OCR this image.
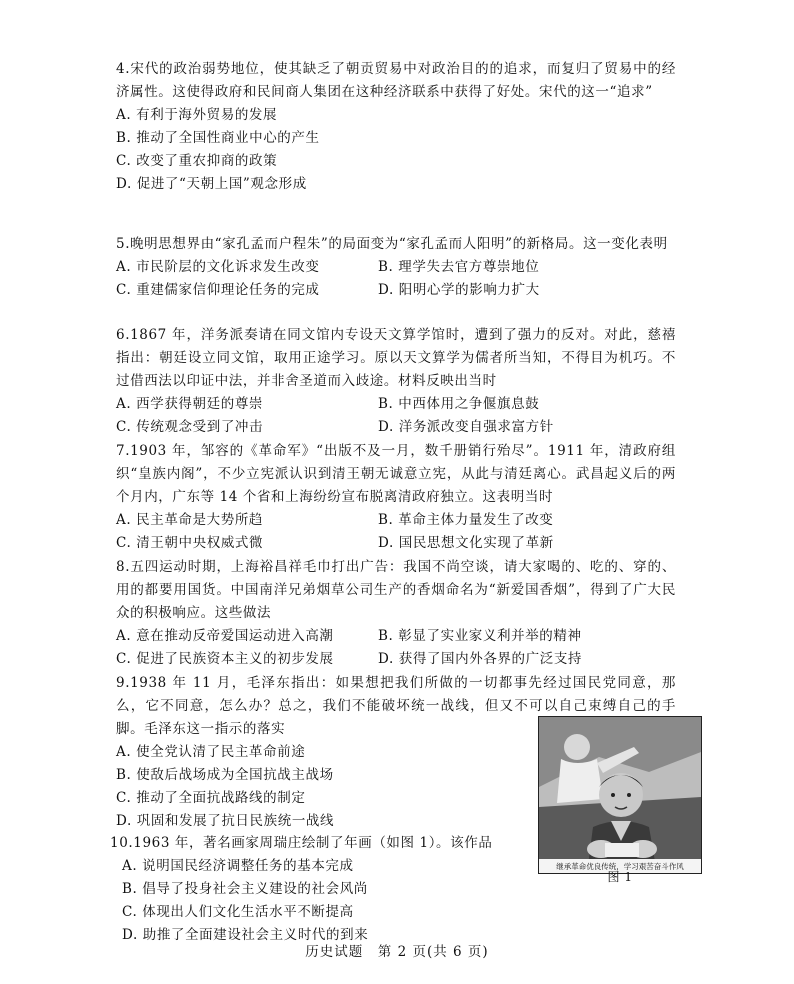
4.宋代的政治弱势地位，使其缺乏了朝贡贸易中对政治目的的追求，而复归了贸易中的经济属性。这使得政府和民间商人集团在这种经济联系中获得了好处。宋代的这一“追求”

A. 有利于海外贸易的发展

B. 推动了全国性商业中心的产生

C. 改变了重农抑商的政策

D. 促进了“天朝上国”观念形成

5.晚明思想界由“家孔孟而户程朱”的局面变为“家孔孟而人阳明”的新格局。这一变化表明

A. 市民阶层的文化诉求发生改变	B. 理学失去官方尊崇地位

C. 重建儒家信仰理论任务的完成	D. 阳明心学的影响力扩大

6.1867 年，洋务派奏请在同文馆内专设天文算学馆时，遭到了强力的反对。对此，慈禧指出：朝廷设立同文馆，取用正途学习。原以天文算学为儒者所当知，不得目为机巧。不过借西法以印证中法，并非舍圣道而入歧途。材料反映出当时

A. 西学获得朝廷的尊崇	B. 中西体用之争偃旗息鼓

C. 传统观念受到了冲击	D. 洋务派改变自强求富方针

7.1903 年，邹容的《革命军》“出版不及一月，数千册销行殆尽”。1911 年，清政府组织“皇族内阁”，不少立宪派认识到清王朝无诚意立宪，从此与清廷离心。武昌起义后的两个月内，广东等 14 个省和上海纷纷宣布脱离清政府独立。这表明当时

A. 民主革命是大势所趋	B. 革命主体力量发生了改变

C. 清王朝中央权威式微	D. 国民思想文化实现了革新

8.五四运动时期，上海裕昌祥毛巾打出广告：我国不尚空谈，请大家喝的、吃的、穿的、用的都要用国货。中国南洋兄弟烟草公司生产的香烟命名为“新爱国香烟”，得到了广大民众的积极响应。这些做法

A. 意在推动反帝爱国运动进入高潮	B. 彰显了实业家义利并举的精神

C. 促进了民族资本主义的初步发展	D. 获得了国内外各界的广泛支持

9.1938 年 11 月，毛泽东指出：如果想把我们所做的一切都事先经过国民党同意，那么，它不同意，怎么办？总之，我们不能破坏统一战线，但又不可以自己束缚自己的手脚。毛泽东这一指示的落实

A. 使全党认清了民主革命前途

B. 使敌后战场成为全国抗战主战场

C. 推动了全面抗战路线的制定

D. 巩固和发展了抗日民族统一战线

10.1963 年，著名画家周瑞庄绘制了年画（如图 1）。该作品

A. 说明国民经济调整任务的基本完成

B. 倡导了投身社会主义建设的社会风尚

C. 体现出人们文化生活水平不断提高

D. 助推了全面建设社会主义时代的到来

继承革命优良传统，学习艰苦奋斗作风
图 1
历史试题　第 2 页(共 6 页)
